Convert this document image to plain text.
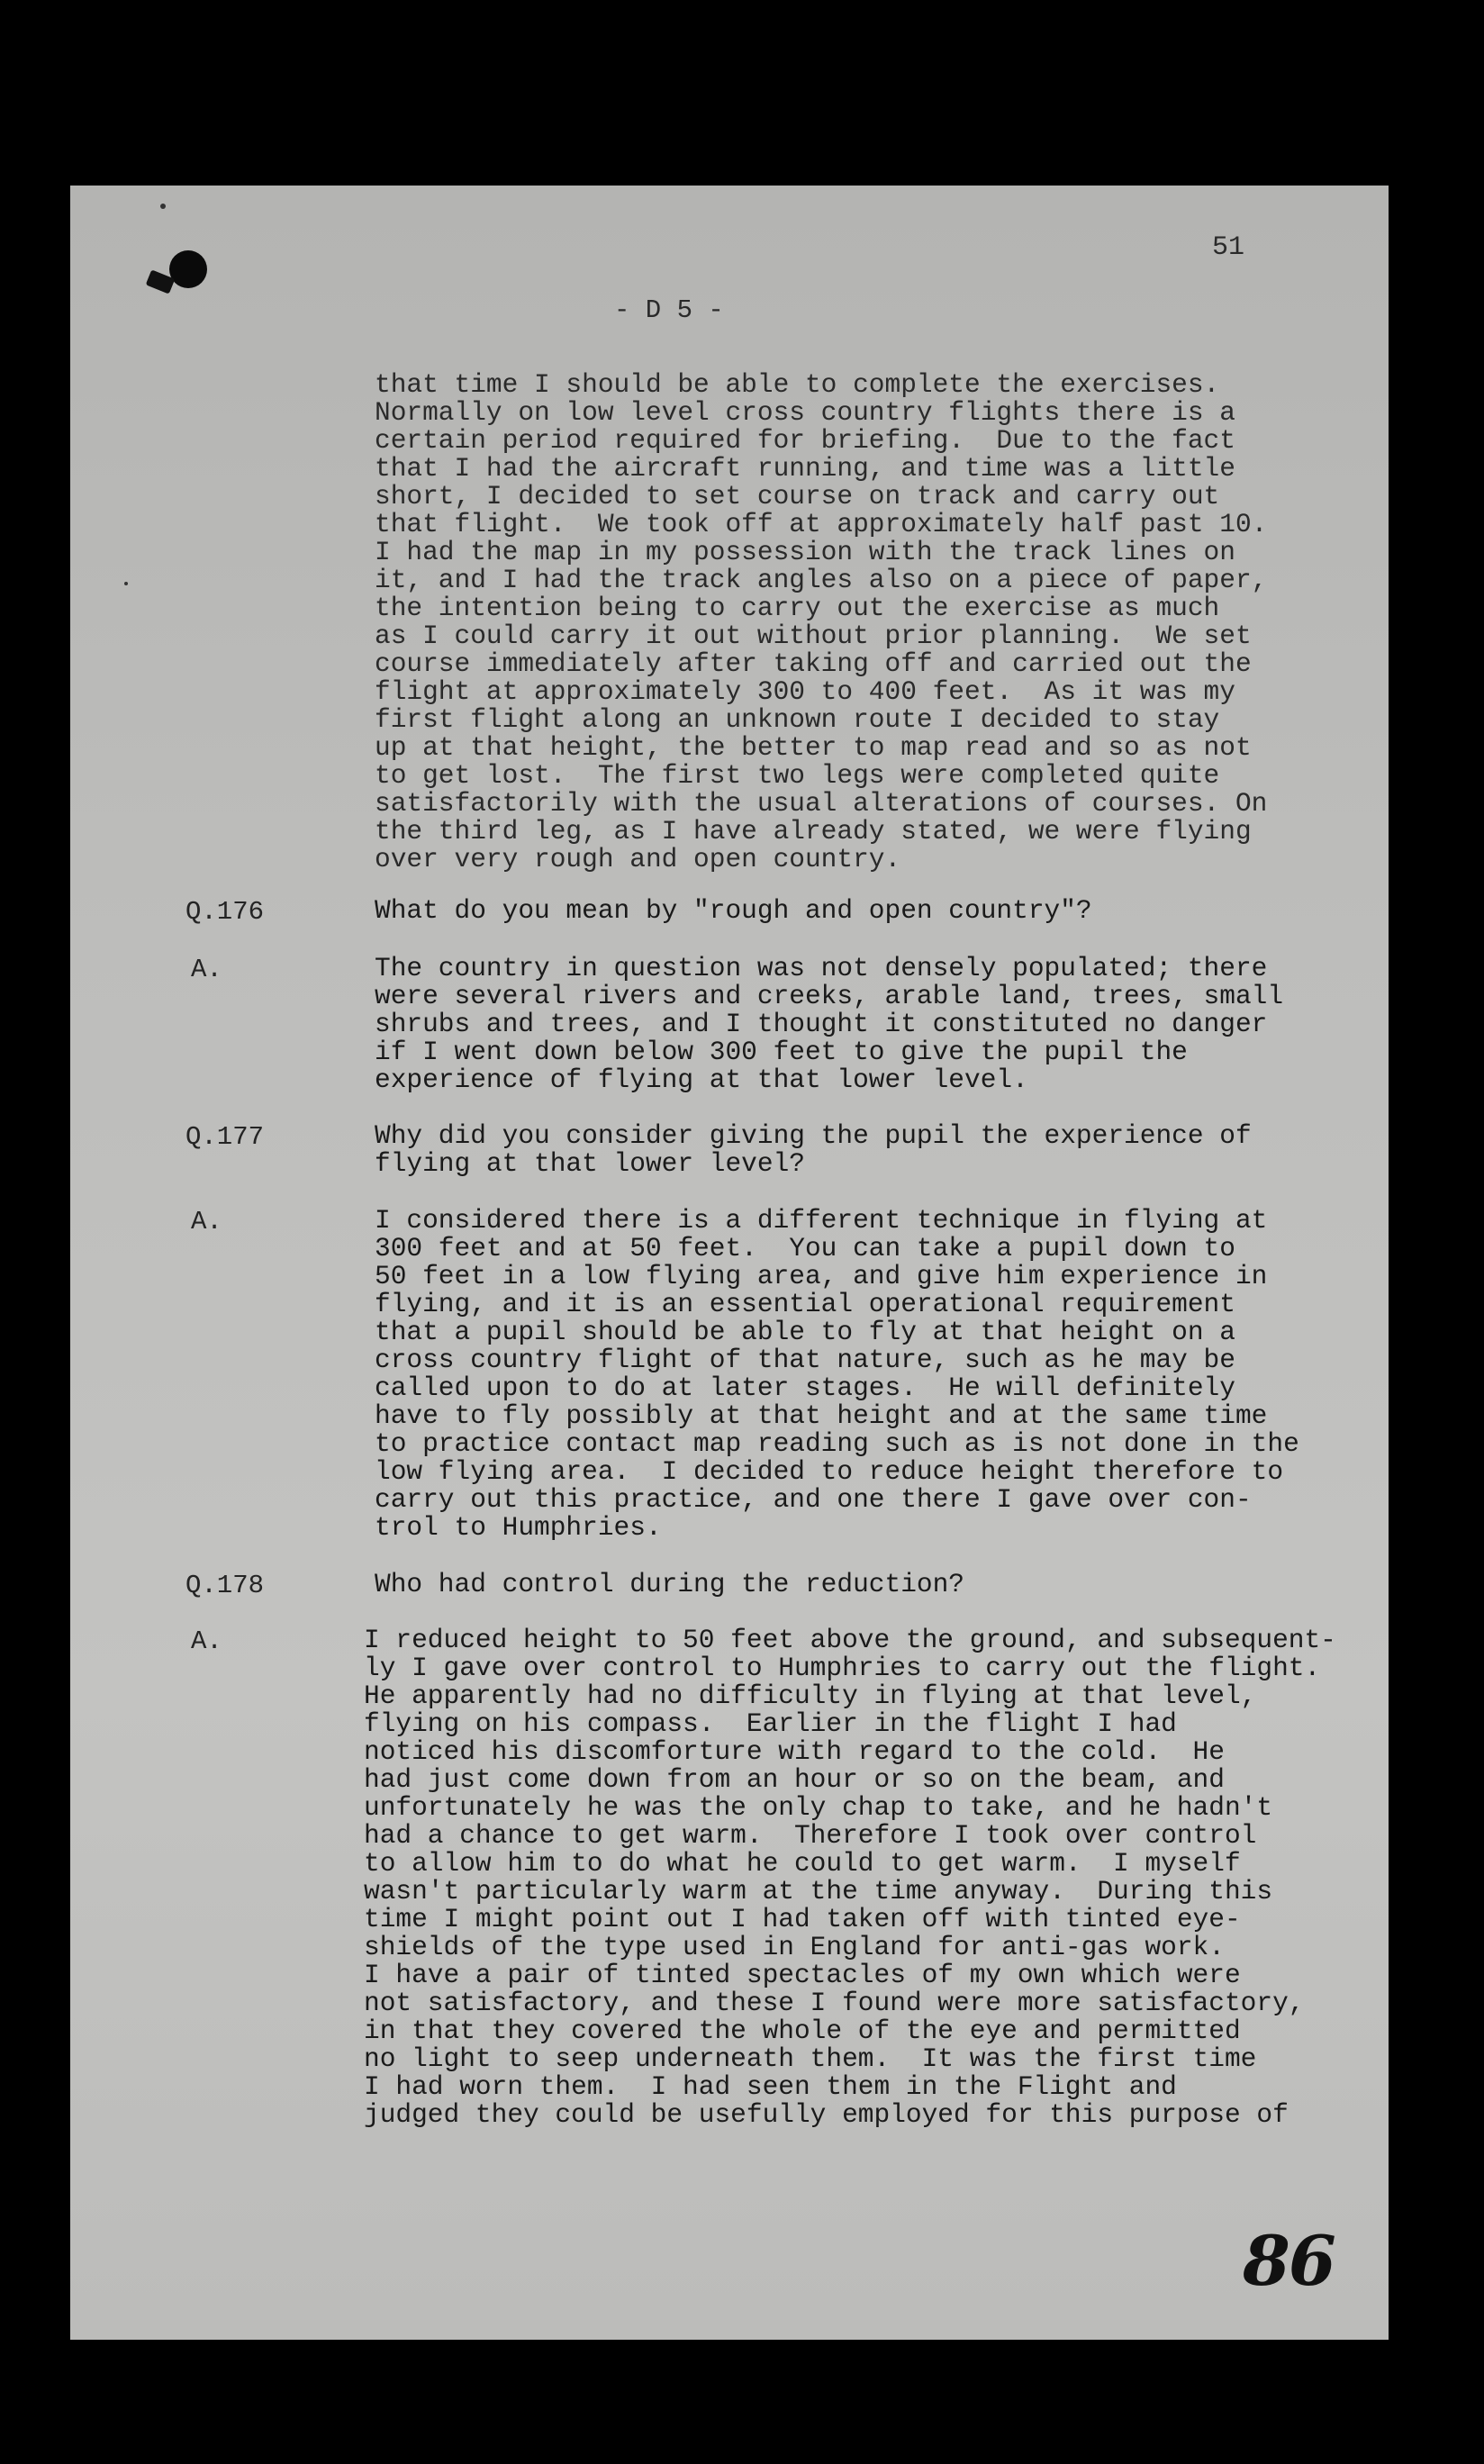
51
- D 5 -

that time I should be able to complete the exercises.
Normally on low level cross country flights there is a
certain period required for briefing.  Due to the fact
that I had the aircraft running, and time was a little
short, I decided to set course on track and carry out
that flight.  We took off at approximately half past 10.
I had the map in my possession with the track lines on
it, and I had the track angles also on a piece of paper,
the intention being to carry out the exercise as much
as I could carry it out without prior planning.  We set
course immediately after taking off and carried out the
flight at approximately 300 to 400 feet.  As it was my
first flight along an unknown route I decided to stay
up at that height, the better to map read and so as not
to get lost.  The first two legs were completed quite
satisfactorily with the usual alterations of courses. On
the third leg, as I have already stated, we were flying
over very rough and open country.

Q.176	What do you mean by "rough and open country"?

A.	The country in question was not densely populated; there
were several rivers and creeks, arable land, trees, small
shrubs and trees, and I thought it constituted no danger
if I went down below 300 feet to give the pupil the
experience of flying at that lower level.

Q.177	Why did you consider giving the pupil the experience of
flying at that lower level?

A.	I considered there is a different technique in flying at
300 feet and at 50 feet.  You can take a pupil down to
50 feet in a low flying area, and give him experience in
flying, and it is an essential operational requirement
that a pupil should be able to fly at that height on a
cross country flight of that nature, such as he may be
called upon to do at later stages.  He will definitely
have to fly possibly at that height and at the same time
to practice contact map reading such as is not done in the
low flying area.  I decided to reduce height therefore to
carry out this practice, and one there I gave over con-
trol to Humphries.

Q.178	Who had control during the reduction?

A.	I reduced height to 50 feet above the ground, and subsequent-
ly I gave over control to Humphries to carry out the flight.
He apparently had no difficulty in flying at that level,
flying on his compass.  Earlier in the flight I had
noticed his discomforture with regard to the cold.  He
had just come down from an hour or so on the beam, and
unfortunately he was the only chap to take, and he hadn't
had a chance to get warm.  Therefore I took over control
to allow him to do what he could to get warm.  I myself
wasn't particularly warm at the time anyway.  During this
time I might point out I had taken off with tinted eye-
shields of the type used in England for anti-gas work.
I have a pair of tinted spectacles of my own which were
not satisfactory, and these I found were more satisfactory,
in that they covered the whole of the eye and permitted
no light to seep underneath them.  It was the first time
I had worn them.  I had seen them in the Flight and
judged they could be usefully employed for this purpose of

86
